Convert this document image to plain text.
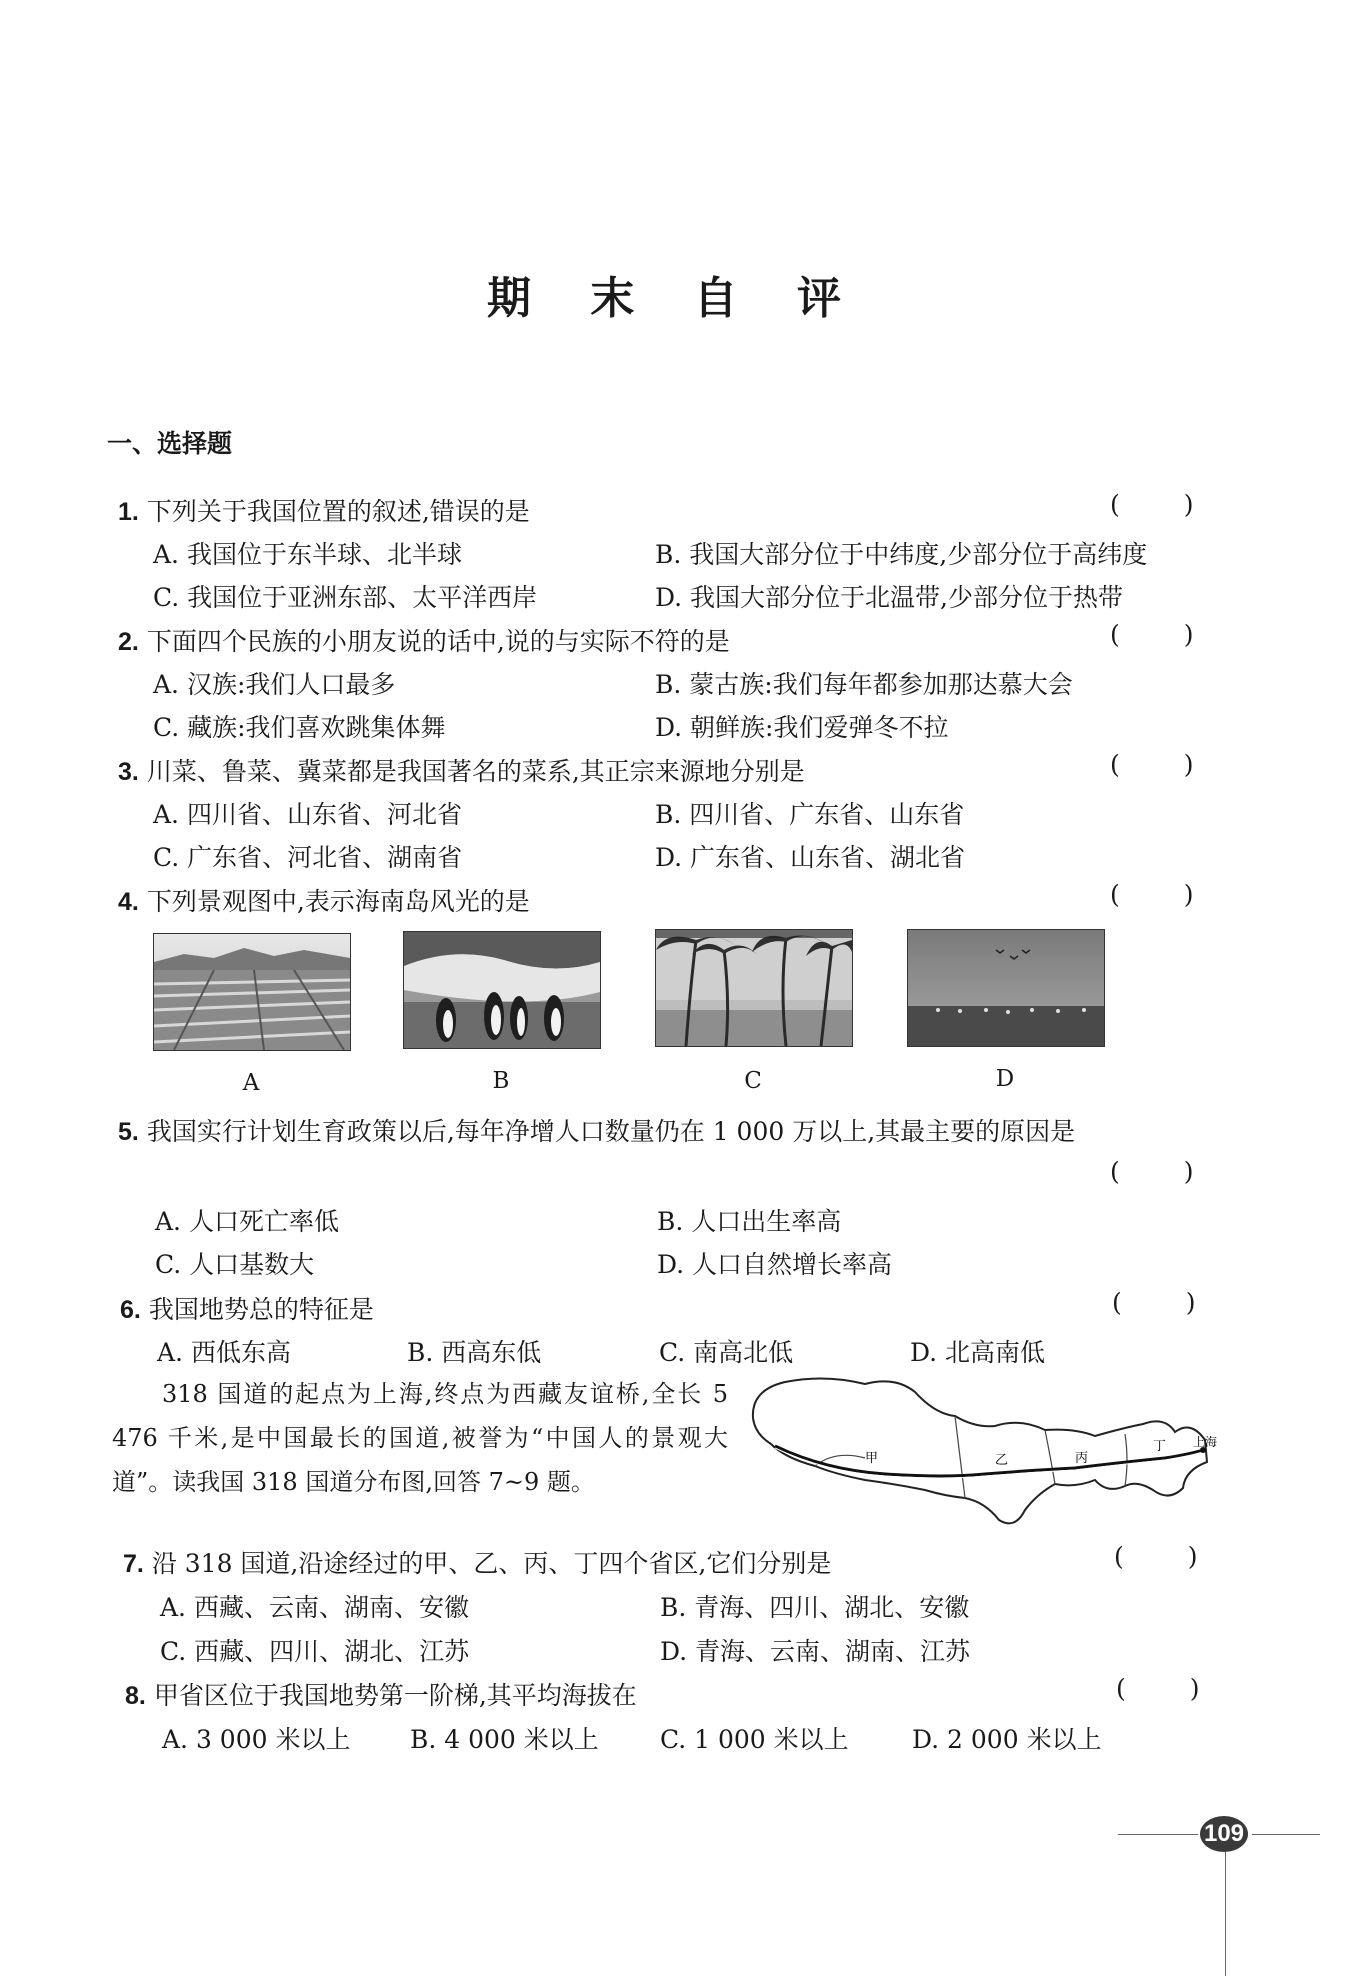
期 末 自 评
一、选择题
1. 下列关于我国位置的叙述,错误的是	( )
A. 我国位于东半球、北半球	B. 我国大部分位于中纬度,少部分位于高纬度
C. 我国位于亚洲东部、太平洋西岸	D. 我国大部分位于北温带,少部分位于热带
2. 下面四个民族的小朋友说的话中,说的与实际不符的是	( )
A. 汉族:我们人口最多	B. 蒙古族:我们每年都参加那达慕大会
C. 藏族:我们喜欢跳集体舞	D. 朝鲜族:我们爱弹冬不拉
3. 川菜、鲁菜、冀菜都是我国著名的菜系,其正宗来源地分别是	( )
A. 四川省、山东省、河北省	B. 四川省、广东省、山东省
C. 广东省、河北省、湖南省	D. 广东省、山东省、湖北省
4. 下列景观图中,表示海南岛风光的是	( )
A	B	C	D
5. 我国实行计划生育政策以后,每年净增人口数量仍在 1 000 万以上,其最主要的原因是
( )
A. 人口死亡率低	B. 人口出生率高
C. 人口基数大	D. 人口自然增长率高
6. 我国地势总的特征是	( )
A. 西低东高	B. 西高东低	C. 南高北低	D. 北高南低
318 国道的起点为上海,终点为西藏友谊桥,全长 5 476 千米,是中国最长的国道,被誉为“中国人的景观大道”。读我国 318 国道分布图,回答 7~9 题。
甲	乙	丙
丁 上海
7. 沿 318 国道,沿途经过的甲、乙、丙、丁四个省区,它们分别是	( )
A. 西藏、云南、湖南、安徽	B. 青海、四川、湖北、安徽
C. 西藏、四川、湖北、江苏	D. 青海、云南、湖南、江苏
8. 甲省区位于我国地势第一阶梯,其平均海拔在	( )
A. 3 000 米以上 B. 4 000 米以上 C. 1 000 米以上	D. 2 000 米以上
109
